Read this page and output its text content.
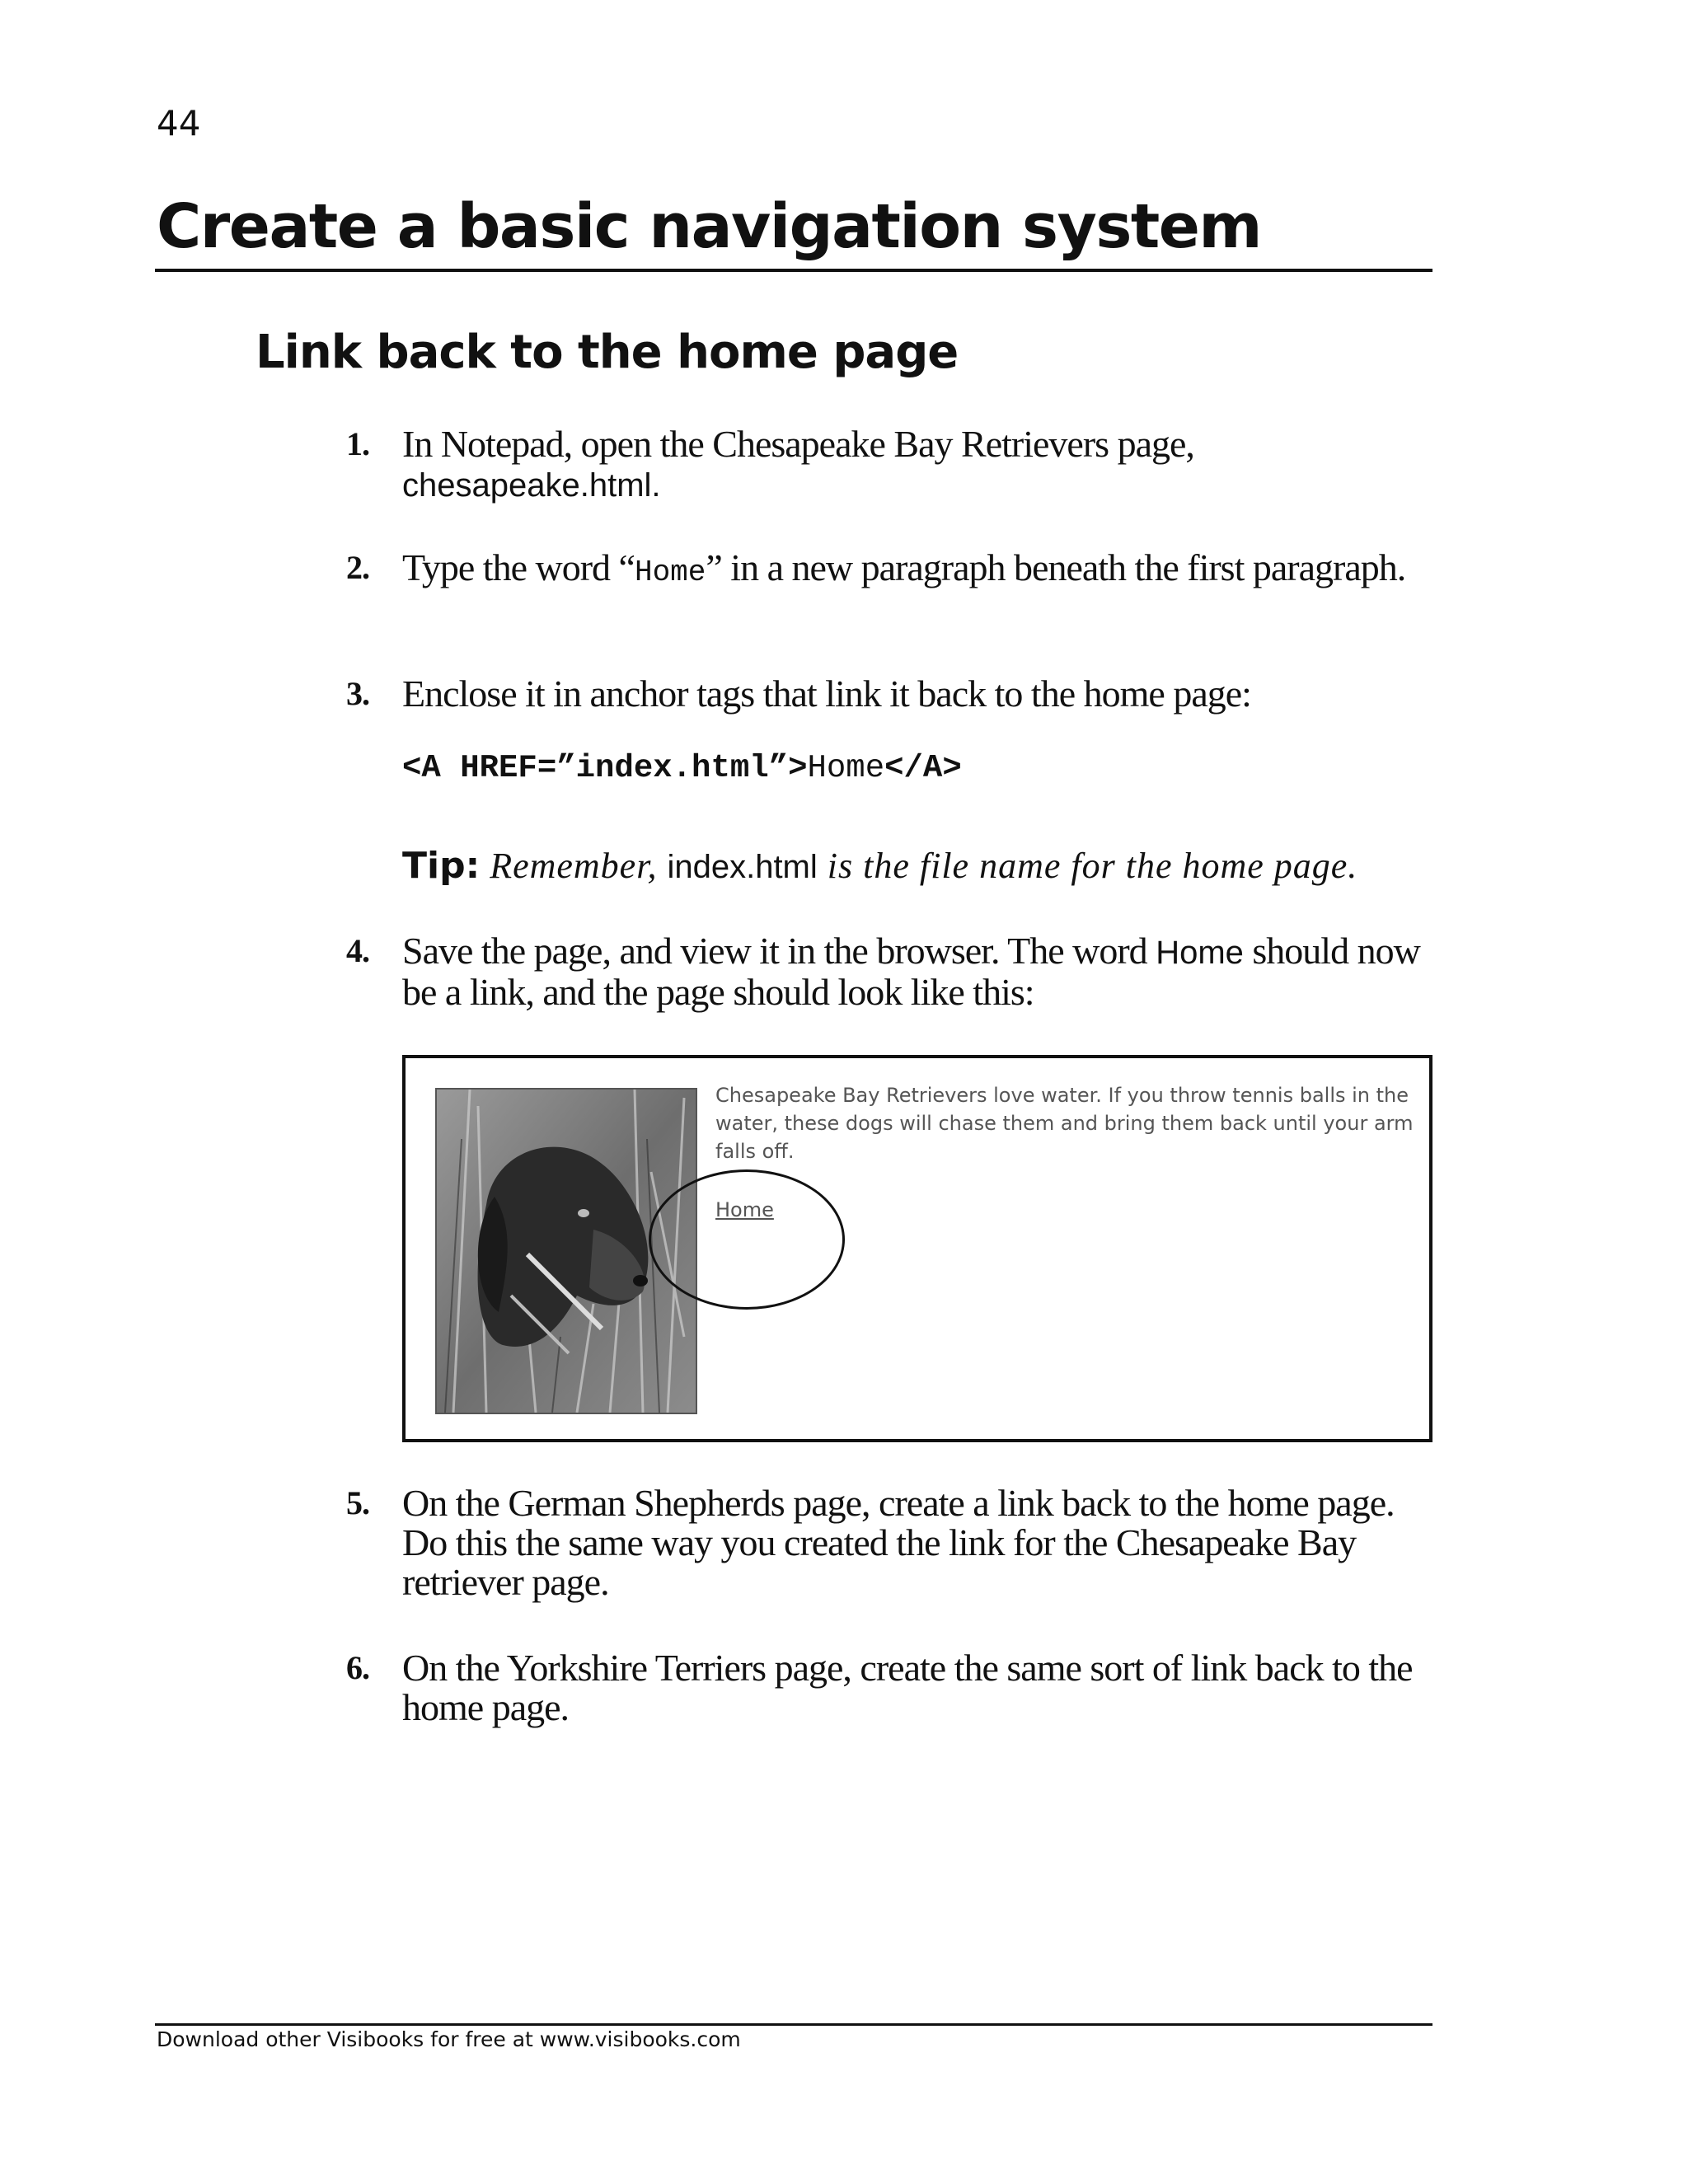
44
Create a basic navigation system
Link back to the home page
1. In Notepad, open the Chesapeake Bay Retrievers page,
chesapeake.html.
2. Type the word “Home” in a new paragraph beneath the first paragraph.
3. Enclose it in anchor tags that link it back to the home page:
<A HREF=”index.html”>Home</A>
Tip: Remember, index.html is the file name for the home page.
4. Save the page, and view it in the browser. The word Home should now be a link, and the page should look like this:
Chesapeake Bay Retrievers love water. If you throw tennis balls in the water, these dogs will chase them and bring them back until your arm falls off.
Home
5. On the German Shepherds page, create a link back to the home page. Do this the same way you created the link for the Chesapeake Bay retriever page.
6. On the Yorkshire Terriers page, create the same sort of link back to the home page.
Download other Visibooks for free at www.visibooks.com
